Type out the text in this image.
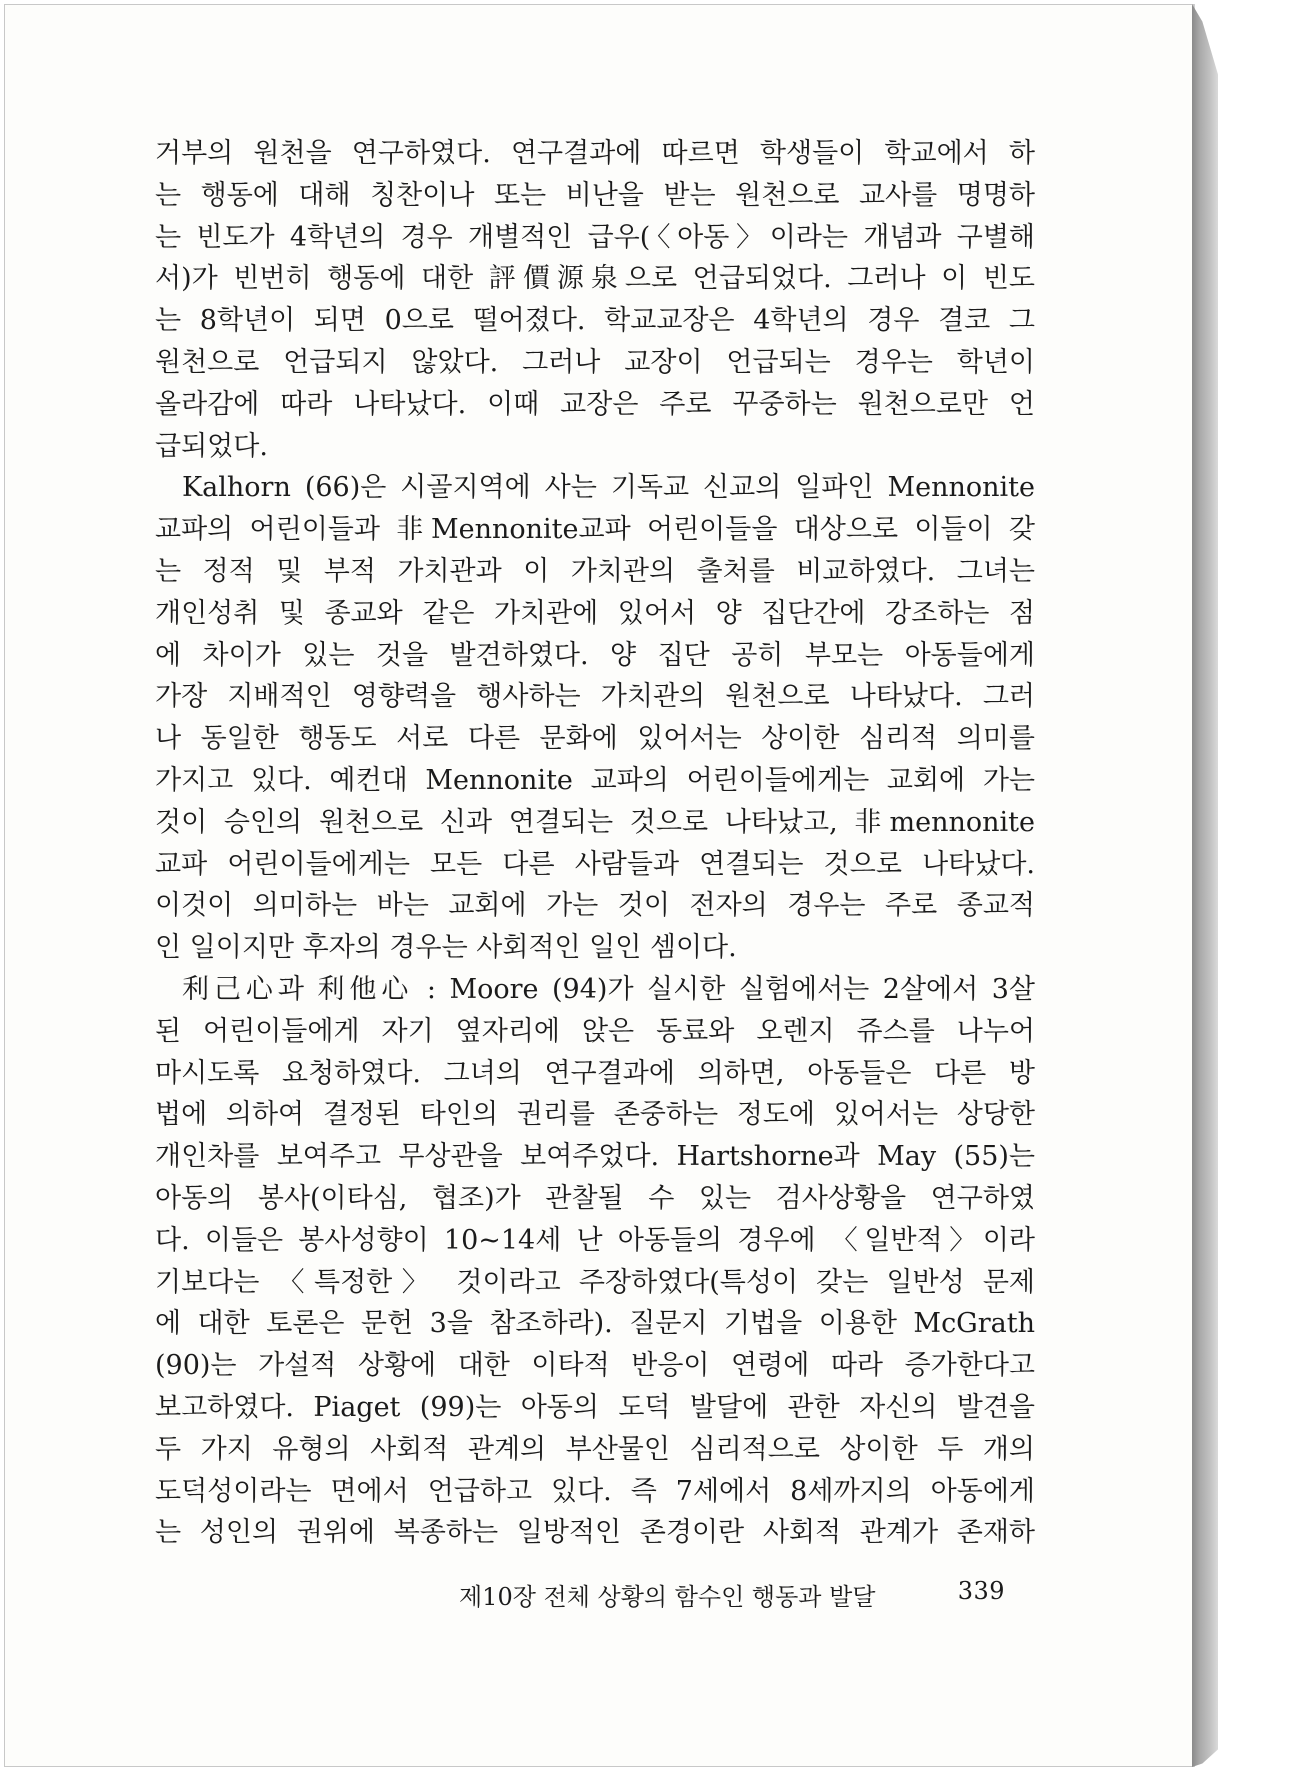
거부의 원천을 연구하였다. 연구결과에 따르면 학생들이 학교에서 하
는 행동에 대해 칭찬이나 또는 비난을 받는 원천으로 교사를 명명하
는 빈도가 4학년의 경우 개별적인 급우(〈아동〉이라는 개념과 구별해
서)가 빈번히 행동에 대한 評價源泉으로 언급되었다. 그러나 이 빈도
는 8학년이 되면 0으로 떨어졌다. 학교교장은 4학년의 경우 결코 그
원천으로 언급되지 않았다. 그러나 교장이 언급되는 경우는 학년이
올라감에 따라 나타났다. 이때 교장은 주로 꾸중하는 원천으로만 언
급되었다.
Kalhorn (66)은 시골지역에 사는 기독교 신교의 일파인 Mennonite
교파의 어린이들과 非Mennonite교파 어린이들을 대상으로 이들이 갖
는 정적 및 부적 가치관과 이 가치관의 출처를 비교하였다. 그녀는
개인성취 및 종교와 같은 가치관에 있어서 양 집단간에 강조하는 점
에 차이가 있는 것을 발견하였다. 양 집단 공히 부모는 아동들에게
가장 지배적인 영향력을 행사하는 가치관의 원천으로 나타났다. 그러
나 동일한 행동도 서로 다른 문화에 있어서는 상이한 심리적 의미를
가지고 있다. 예컨대 Mennonite 교파의 어린이들에게는 교회에 가는
것이 승인의 원천으로 신과 연결되는 것으로 나타났고, 非mennonite
교파 어린이들에게는 모든 다른 사람들과 연결되는 것으로 나타났다.
이것이 의미하는 바는 교회에 가는 것이 전자의 경우는 주로 종교적
인 일이지만 후자의 경우는 사회적인 일인 셈이다.
利己心과 利他心 : Moore (94)가 실시한 실험에서는 2살에서 3살
된 어린이들에게 자기 옆자리에 앉은 동료와 오렌지 쥬스를 나누어
마시도록 요청하였다. 그녀의 연구결과에 의하면, 아동들은 다른 방
법에 의하여 결정된 타인의 권리를 존중하는 정도에 있어서는 상당한
개인차를 보여주고 무상관을 보여주었다. Hartshorne과 May (55)는
아동의 봉사(이타심, 협조)가 관찰될 수 있는 검사상황을 연구하였
다. 이들은 봉사성향이 10~14세 난 아동들의 경우에 〈일반적〉이라
기보다는 〈특정한〉 것이라고 주장하였다(특성이 갖는 일반성 문제
에 대한 토론은 문헌 3을 참조하라). 질문지 기법을 이용한 McGrath
(90)는 가설적 상황에 대한 이타적 반응이 연령에 따라 증가한다고
보고하였다. Piaget (99)는 아동의 도덕 발달에 관한 자신의 발견을
두 가지 유형의 사회적 관계의 부산물인 심리적으로 상이한 두 개의
도덕성이라는 면에서 언급하고 있다. 즉 7세에서 8세까지의 아동에게
는 성인의 권위에 복종하는 일방적인 존경이란 사회적 관계가 존재하
제10장 전체 상황의 함수인 행동과 발달	339
